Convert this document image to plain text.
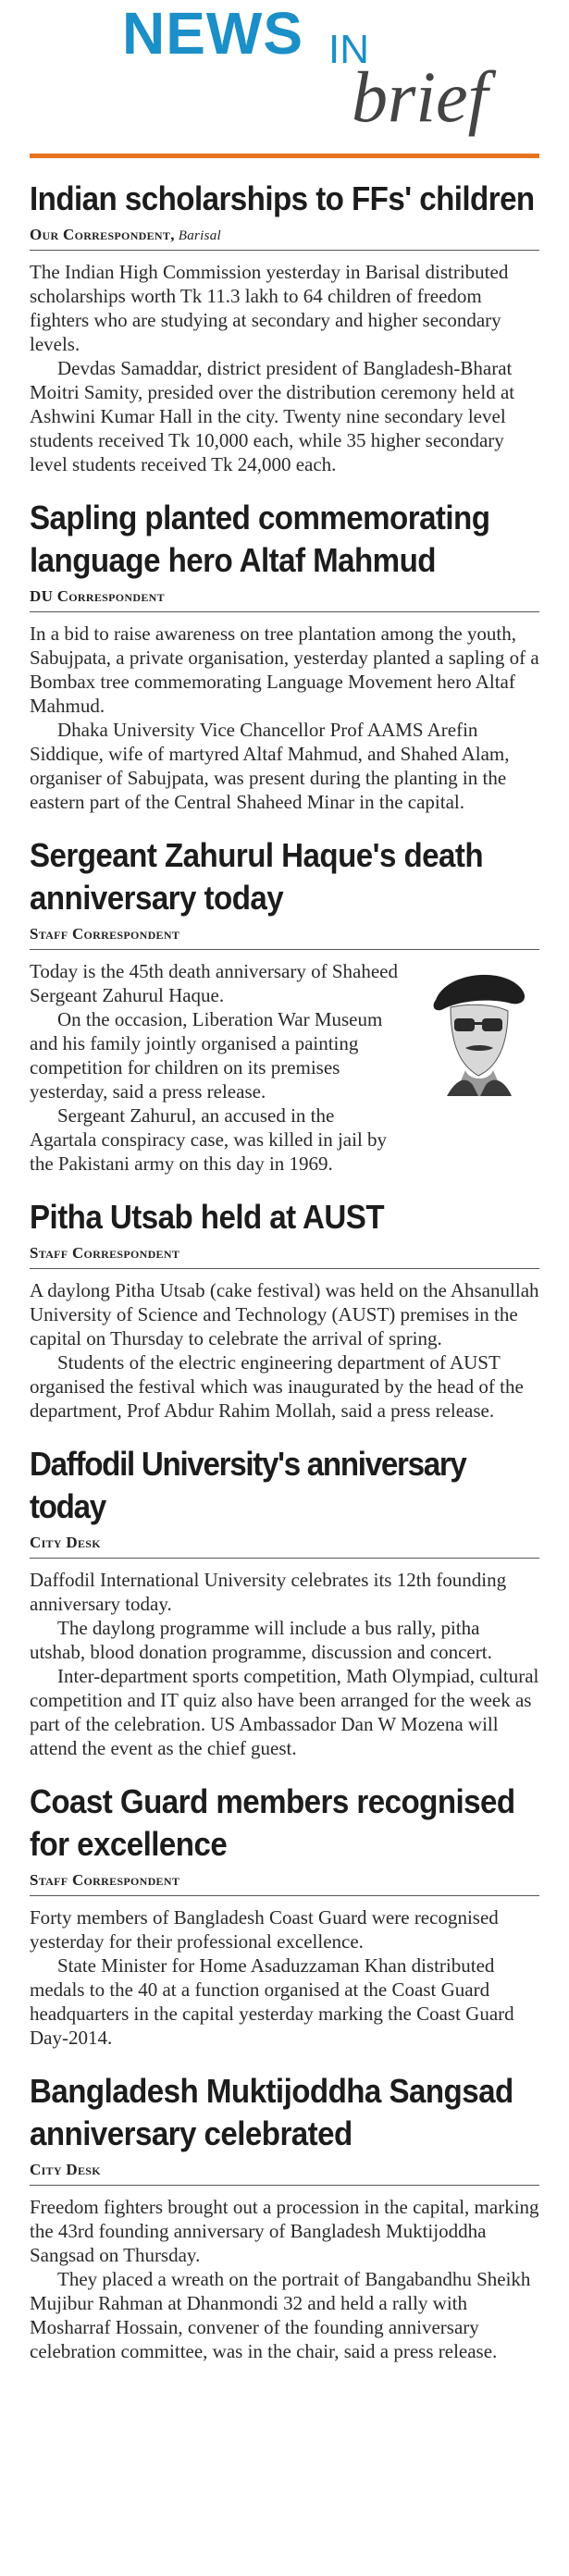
NEWS IN
brief
Indian scholarships to FFs' children
Our Correspondent, Barisal

The Indian High Commission yesterday in Barisal distributed scholarships worth Tk 11.3 lakh to 64 children of freedom fighters who are studying at secondary and higher secondary levels.

Devdas Samaddar, district president of Bangladesh-Bharat Moitri Samity, presided over the distribution ceremony held at Ashwini Kumar Hall in the city. Twenty nine secondary level students received Tk 10,000 each, while 35 higher secondary level students received Tk 24,000 each.

Sapling planted commemorating language hero Altaf Mahmud
DU Correspondent

In a bid to raise awareness on tree plantation among the youth, Sabujpata, a private organisation, yesterday planted a sapling of a Bombax tree commemorating Language Movement hero Altaf Mahmud.

Dhaka University Vice Chancellor Prof AAMS Arefin Siddique, wife of martyred Altaf Mahmud, and Shahed Alam, organiser of Sabujpata, was present during the planting in the eastern part of the Central Shaheed Minar in the capital.

Sergeant Zahurul Haque's death anniversary today
Staff Correspondent

Today is the 45th death anniversary of Shaheed Sergeant Zahurul Haque.

On the occasion, Liberation War Museum and his family jointly organised a painting competition for children on its premises yesterday, said a press release.

Sergeant Zahurul, an accused in the Agartala conspiracy case, was killed in jail by the Pakistani army on this day in 1969.

Pitha Utsab held at AUST
Staff Correspondent

A daylong Pitha Utsab (cake festival) was held on the Ahsanullah University of Science and Technology (AUST) premises in the capital on Thursday to celebrate the arrival of spring.

Students of the electric engineering department of AUST organised the festival which was inaugurated by the head of the department, Prof Abdur Rahim Mollah, said a press release.

Daffodil University's anniversary today
City Desk

Daffodil International University celebrates its 12th founding anniversary today.

The daylong programme will include a bus rally, pitha utshab, blood donation programme, discussion and concert.

Inter-department sports competition, Math Olympiad, cultural competition and IT quiz also have been arranged for the week as part of the celebration. US Ambassador Dan W Mozena will attend the event as the chief guest.

Coast Guard members recognised for excellence
Staff Correspondent

Forty members of Bangladesh Coast Guard were recognised yesterday for their professional excellence.

State Minister for Home Asaduzzaman Khan distributed medals to the 40 at a function organised at the Coast Guard headquarters in the capital yesterday marking the Coast Guard Day-2014.

Bangladesh Muktijoddha Sangsad anniversary celebrated
City Desk

Freedom fighters brought out a procession in the capital, marking the 43rd founding anniversary of Bangladesh Muktijoddha Sangsad on Thursday.

They placed a wreath on the portrait of Bangabandhu Sheikh Mujibur Rahman at Dhanmondi 32 and held a rally with Mosharraf Hossain, convener of the founding anniversary celebration committee, was in the chair, said a press release.
